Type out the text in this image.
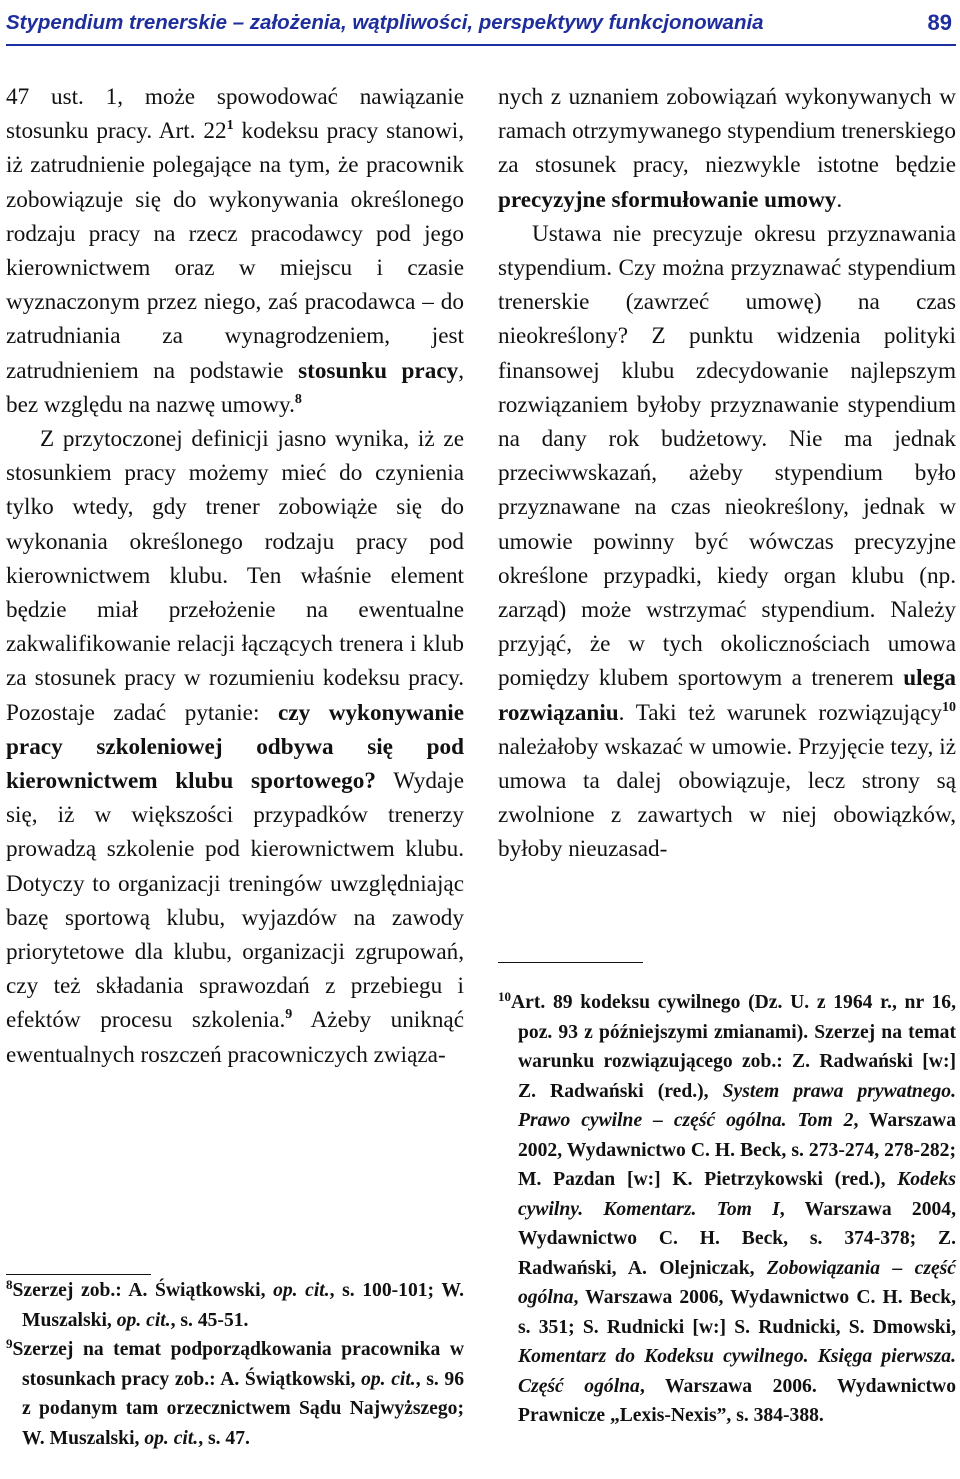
Stypendium trenerskie – założenia, wątpliwości, perspektywy funkcjonowania	89

47 ust. 1, może spowodować nawiązanie stosunku pracy. Art. $22^1$ kodeksu pracy stanowi, iż zatrudnienie polegające na tym, że pracownik zobowiązuje się do wykonywania określonego rodzaju pracy na rzecz pracodawcy pod jego kierownictwem oraz w miejscu i czasie wyznaczonym przez niego, zaś pracodawca – do zatrudniania za wynagrodzeniem, jest zatrudnieniem na podstawie stosunku pracy, bez względu na nazwę umowy.$^8$

Z przytoczonej definicji jasno wynika, iż ze stosunkiem pracy możemy mieć do czynienia tylko wtedy, gdy trener zobowiąże się do wykonania określonego rodzaju pracy pod kierownictwem klubu. Ten właśnie element będzie miał przełożenie na ewentualne zakwalifikowanie relacji łączących trenera i klub za stosunek pracy w rozumieniu kodeksu pracy. Pozostaje zadać pytanie: czy wykonywanie pracy szkoleniowej odbywa się pod kierownictwem klubu sportowego? Wydaje się, iż w większości przypadków trenerzy prowadzą szkolenie pod kierownictwem klubu. Dotyczy to organizacji treningów uwzględniając bazę sportową klubu, wyjazdów na zawody priorytetowe dla klubu, organizacji zgrupowań, czy też składania sprawozdań z przebiegu i efektów procesu szkolenia.$^9$ Ażeby uniknąć ewentualnych roszczeń pracowniczych związa-

$^8$Szerzej zob.: A. Świątkowski, op. cit., s. 100-101; W. Muszalski, op. cit., s. 45-51.

$^9$Szerzej na temat podporządkowania pracownika w stosunkach pracy zob.: A. Świątkowski, op. cit., s. 96 z podanym tam orzecznictwem Sądu Najwyższego; W. Muszalski, op. cit., s. 47.

nych z uznaniem zobowiązań wykonywanych w ramach otrzymywanego stypendium trenerskiego za stosunek pracy, niezwykle istotne będzie precyzyjne sformułowanie umowy.

Ustawa nie precyzuje okresu przyznawania stypendium. Czy można przyznawać stypendium trenerskie (zawrzeć umowę) na czas nieokreślony? Z punktu widzenia polityki finansowej klubu zdecydowanie najlepszym rozwiązaniem byłoby przyznawanie stypendium na dany rok budżetowy. Nie ma jednak przeciwwskazań, ażeby stypendium było przyznawane na czas nieokreślony, jednak w umowie powinny być wówczas precyzyjne określone przypadki, kiedy organ klubu (np. zarząd) może wstrzymać stypendium. Należy przyjąć, że w tych okolicznościach umowa pomiędzy klubem sportowym a trenerem ulega rozwiązaniu. Taki też warunek rozwiązujący$^{10}$ należałoby wskazać w umowie. Przyjęcie tezy, iż umowa ta dalej obowiązuje, lecz strony są zwolnione z zawartych w niej obowiązków, byłoby nieuzasad-

$^{10}$Art. 89 kodeksu cywilnego (Dz. U. z 1964 r., nr 16, poz. 93 z późniejszymi zmianami). Szerzej na temat warunku rozwiązującego zob.: Z. Radwański [w:] Z. Radwański (red.), System prawa prywatnego. Prawo cywilne – część ogólna. Tom 2, Warszawa 2002, Wydawnictwo C. H. Beck, s. 273-274, 278-282; M. Pazdan [w:] K. Pietrzykowski (red.), Kodeks cywilny. Komentarz. Tom I, Warszawa 2004, Wydawnictwo C. H. Beck, s. 374-378; Z. Radwański, A. Olejniczak, Zobowiązania – część ogólna, Warszawa 2006, Wydawnictwo C. H. Beck, s. 351; S. Rudnicki [w:] S. Rudnicki, S. Dmowski, Komentarz do Kodeksu cywilnego. Księga pierwsza. Część ogólna, Warszawa 2006. Wydawnictwo Prawnicze „Lexis-Nexis”, s. 384-388.
